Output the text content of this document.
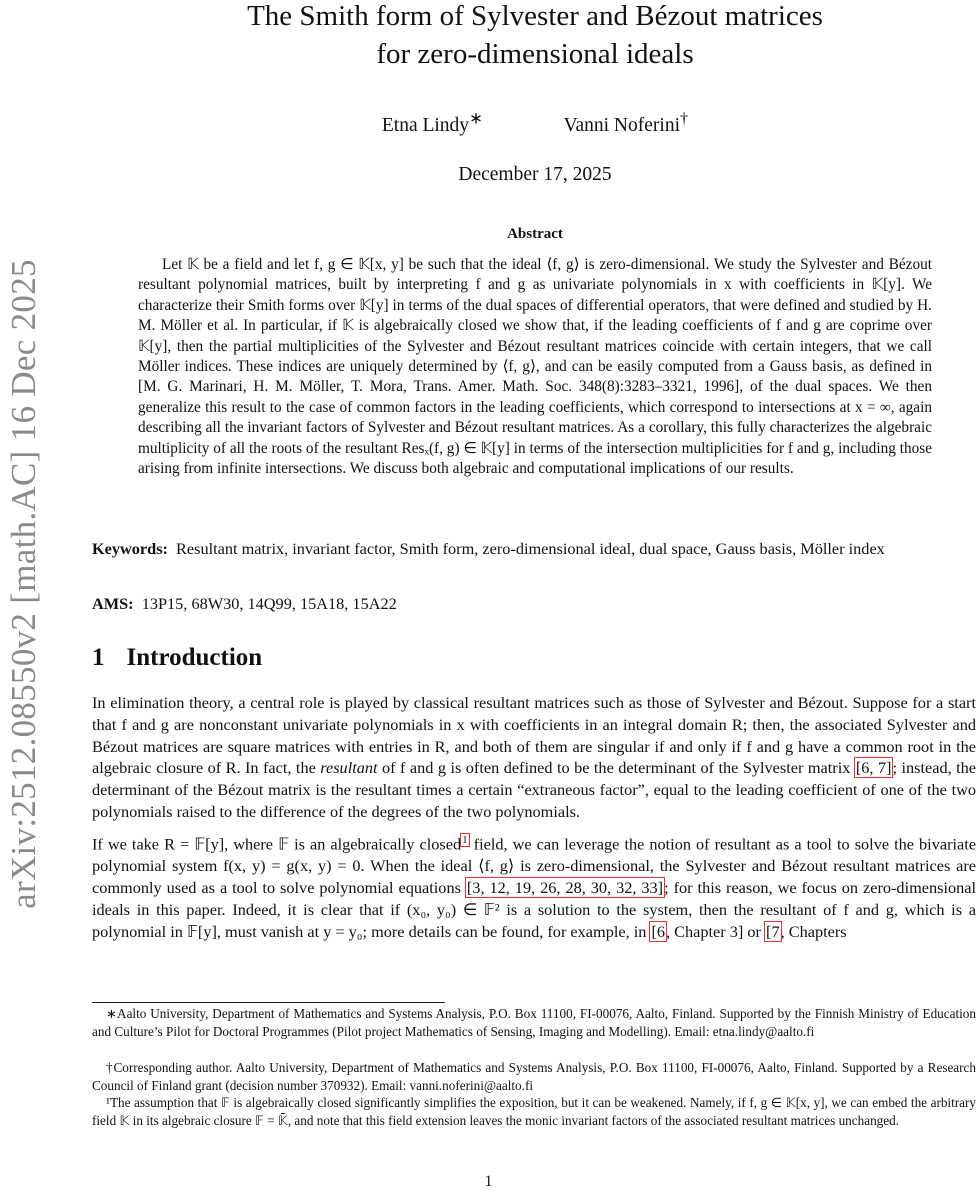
arXiv:2512.08550v2 [math.AC] 16 Dec 2025
The Smith form of Sylvester and Bézout matrices
for zero-dimensional ideals
Etna Lindy∗	Vanni Noferini†
December 17, 2025
Abstract

Let 𝕂 be a field and let f, g ∈ 𝕂[x, y] be such that the ideal ⟨f, g⟩ is zero-dimensional. We study the Sylvester and Bézout resultant polynomial matrices, built by interpreting f and g as univariate polynomials in x with coefficients in 𝕂[y]. We characterize their Smith forms over 𝕂[y] in terms of the dual spaces of differential operators, that were defined and studied by H. M. Möller et al. In particular, if 𝕂 is algebraically closed we show that, if the leading coefficients of f and g are coprime over 𝕂[y], then the partial multiplicities of the Sylvester and Bézout resultant matrices coincide with certain integers, that we call Möller indices. These indices are uniquely determined by ⟨f, g⟩, and can be easily computed from a Gauss basis, as defined in [M. G. Marinari, H. M. Möller, T. Mora, Trans. Amer. Math. Soc. 348(8):3283–3321, 1996], of the dual spaces. We then generalize this result to the case of common factors in the leading coefficients, which correspond to intersections at x = ∞, again describing all the invariant factors of Sylvester and Bézout resultant matrices. As a corollary, this fully characterizes the algebraic multiplicity of all the roots of the resultant Resₓ(f, g) ∈ 𝕂[y] in terms of the intersection multiplicities for f and g, including those arising from infinite intersections. We discuss both algebraic and computational implications of our results.

Keywords: Resultant matrix, invariant factor, Smith form, zero-dimensional ideal, dual space, Gauss basis, Möller index

AMS: 13P15, 68W30, 14Q99, 15A18, 15A22

1 Introduction

In elimination theory, a central role is played by classical resultant matrices such as those of Sylvester and Bézout. Suppose for a start that f and g are nonconstant univariate polynomials in x with coefficients in an integral domain R; then, the associated Sylvester and Bézout matrices are square matrices with entries in R, and both of them are singular if and only if f and g have a common root in the algebraic closure of R. In fact, the resultant of f and g is often defined to be the determinant of the Sylvester matrix [6, 7]; instead, the determinant of the Bézout matrix is the resultant times a certain “extraneous factor”, equal to the leading coefficient of one of the two polynomials raised to the difference of the degrees of the two polynomials.

If we take R = 𝔽[y], where 𝔽 is an algebraically closed$^1$ field, we can leverage the notion of resultant as a tool to solve the bivariate polynomial system f(x, y) = g(x, y) = 0. When the ideal ⟨f, g⟩ is zero-dimensional, the Sylvester and Bézout resultant matrices are commonly used as a tool to solve polynomial equations [3, 12, 19, 26, 28, 30, 32, 33]; for this reason, we focus on zero-dimensional ideals in this paper. Indeed, it is clear that if (x₀, y₀) ∈ 𝔽² is a solution to the system, then the resultant of f and g, which is a polynomial in 𝔽[y], must vanish at y = y₀; more details can be found, for example, in [6, Chapter 3] or [7, Chapters

∗Aalto University, Department of Mathematics and Systems Analysis, P.O. Box 11100, FI-00076, Aalto, Finland. Supported by the Finnish Ministry of Education and Culture’s Pilot for Doctoral Programmes (Pilot project Mathematics of Sensing, Imaging and Modelling). Email: etna.lindy@aalto.fi

†Corresponding author. Aalto University, Department of Mathematics and Systems Analysis, P.O. Box 11100, FI-00076, Aalto, Finland. Supported by a Research Council of Finland grant (decision number 370932). Email: vanni.noferini@aalto.fi

¹The assumption that 𝔽 is algebraically closed significantly simplifies the exposition, but it can be weakened. Namely, if f, g ∈ 𝕂[x, y], we can embed the arbitrary field 𝕂 in its algebraic closure 𝔽 = 𝕂̄, and note that this field extension leaves the monic invariant factors of the associated resultant matrices unchanged.

1
